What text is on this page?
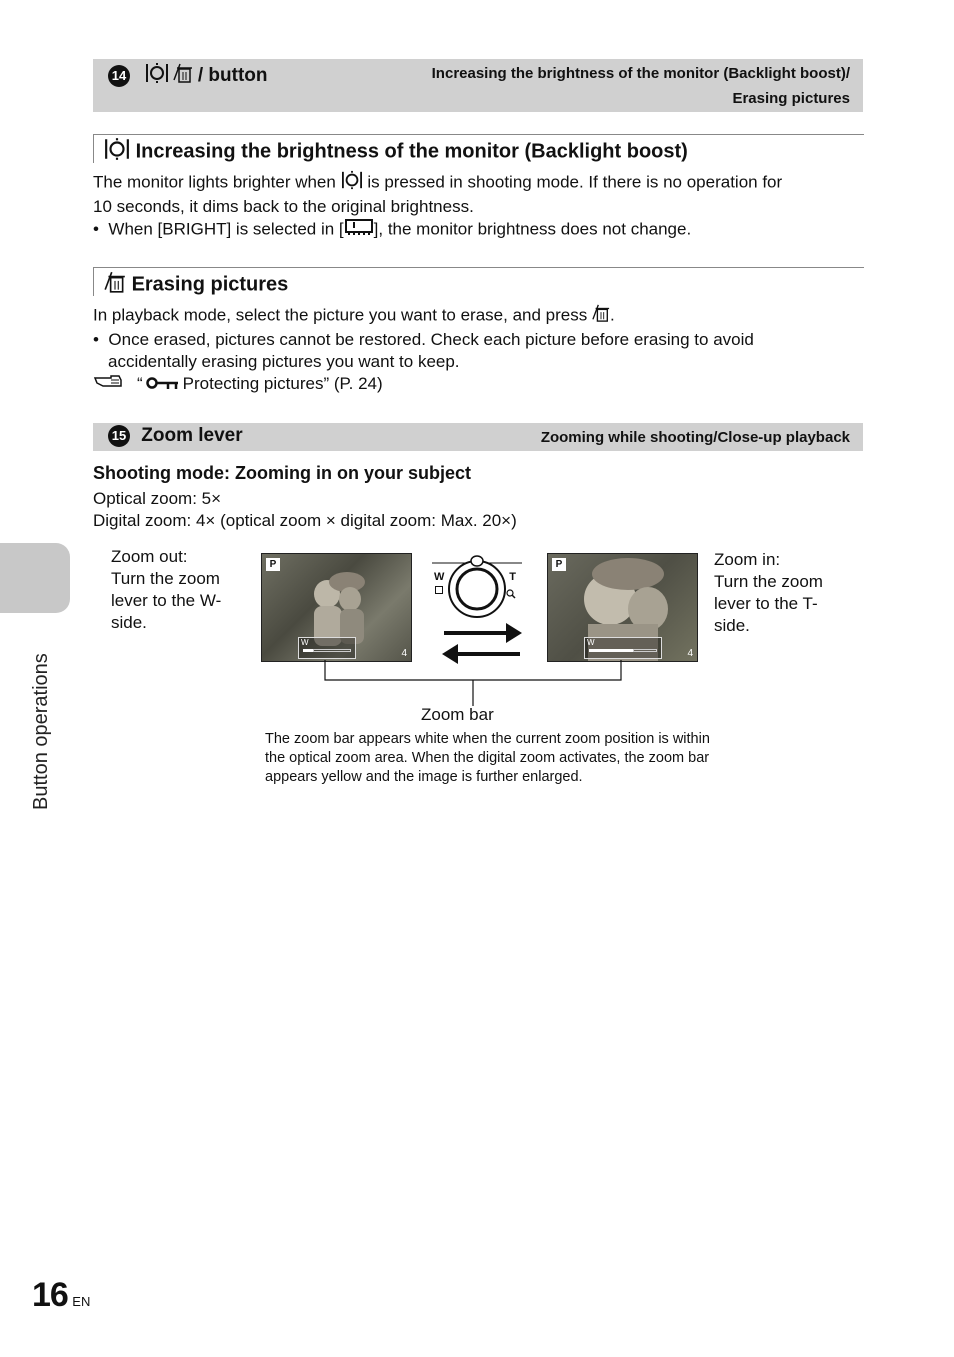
Button operations
14	/ button	Increasing the brightness of the monitor (Backlight boost)/
Erasing pictures
Increasing the brightness of the monitor (Backlight boost)
The monitor lights brighter when is pressed in shooting mode. If there is no operation for
10 seconds, it dims back to the original brightness.
•  When [BRIGHT] is selected in [ ], the monitor brightness does not change.
Erasing pictures
In playback mode, select the picture you want to erase, and press .
•  Once erased, pictures cannot be restored. Check each picture before erasing to avoid
accidentally erasing pictures you want to keep.
“ Protecting pictures” (P. 24)
15 Zoom lever	Zooming while shooting/Close-up playback
Shooting mode: Zooming in on your subject
Optical zoom: 5×
Digital zoom: 4× (optical zoom × digital zoom: Max. 20×)
Zoom out:
Turn the zoom
lever to the W-
side.
Zoom in:
Turn the zoom
lever to the T-
side.
P
W
4
W	T
P
W
4
Zoom bar
The zoom bar appears white when the current zoom position is within
the optical zoom area. When the digital zoom activates, the zoom bar
appears yellow and the image is further enlarged.
16 EN
